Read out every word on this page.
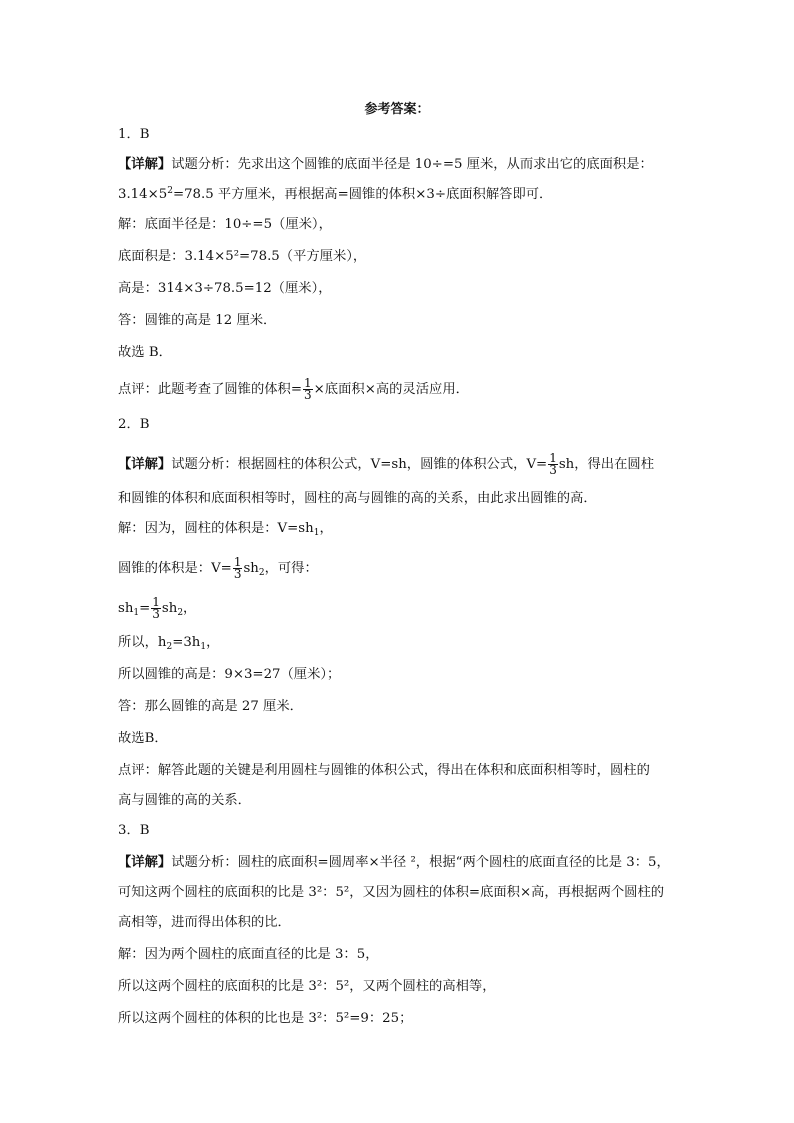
参考答案：
1．B
【详解】试题分析：先求出这个圆锥的底面半径是 10÷=5 厘米，从而求出它的底面积是：
$3.14\times 5^2=78.5$ 平方厘米，再根据高=圆锥的体积×3÷底面积解答即可．
解：底面半径是：10÷=5（厘米），
底面积是：3.14×5²=78.5（平方厘米），
高是：314×3÷78.5=12（厘米），
答：圆锥的高是 12 厘米．
故选 B．
点评：此题考查了圆锥的体积= $\frac{1}{3}$ ×底面积×高的灵活应用．
2．B
【详解】试题分析：根据圆柱的体积公式，V=sh，圆锥的体积公式，$V= \frac{1}{3}$ sh，得出在圆柱
和圆锥的体积和底面积相等时，圆柱的高与圆锥的高的关系，由此求出圆锥的高．
解：因为，圆柱的体积是：$V=sh_1$，
圆锥的体积是：$V= \frac{1}{3} sh_2$，可得：
$sh_1= \frac{1}{3} sh_2$，
所以，$h_2=3h_1$，
所以圆锥的高是：9×3=27（厘米）；
答：那么圆锥的高是 27 厘米．
故选B．
点评：解答此题的关键是利用圆柱与圆锥的体积公式，得出在体积和底面积相等时，圆柱的
高与圆锥的高的关系．
3．B
【详解】试题分析：圆柱的底面积=圆周率×半径 ²，根据“两个圆柱的底面直径的比是 3：5，
可知这两个圆柱的底面积的比是 3²：5²，又因为圆柱的体积=底面积×高，再根据两个圆柱的
高相等，进而得出体积的比．
解：因为两个圆柱的底面直径的比是 3：5，
所以这两个圆柱的底面积的比是 3²：5²，又两个圆柱的高相等，
所以这两个圆柱的体积的比也是 3²：5²=9：25；
